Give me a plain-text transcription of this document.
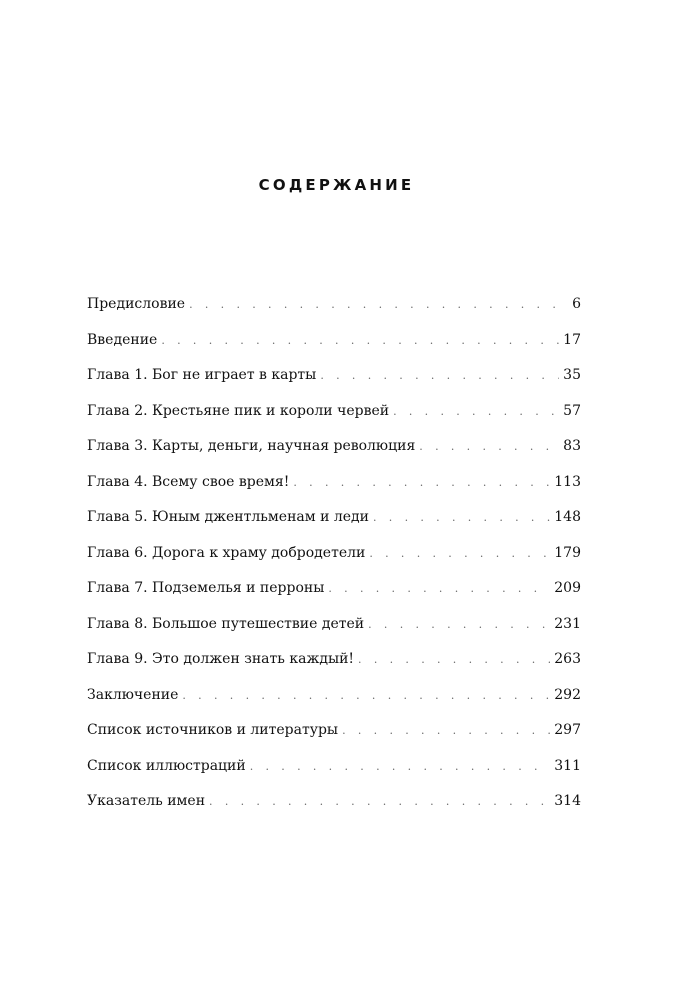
СОДЕРЖАНИЕ
Предисловие . . .	6
Введение . . .	17
Глава 1. Бог не играет в карты . . .	35
Глава 2. Крестьяне пик и короли червей . . .	57
Глава 3. Карты, деньги, научная революция . . .	83
Глава 4. Всему свое время! . . .	113
Глава 5. Юным джентльменам и леди . . .	148
Глава 6. Дорога к храму добродетели . . .	179
Глава 7. Подземелья и перроны . . .	209
Глава 8. Большое путешествие детей . . .	231
Глава 9. Это должен знать каждый! . . .	263
Заключение . . .	292
Список источников и литературы . . .	297
Список иллюстраций . . .	311
Указатель имен . . .	314
